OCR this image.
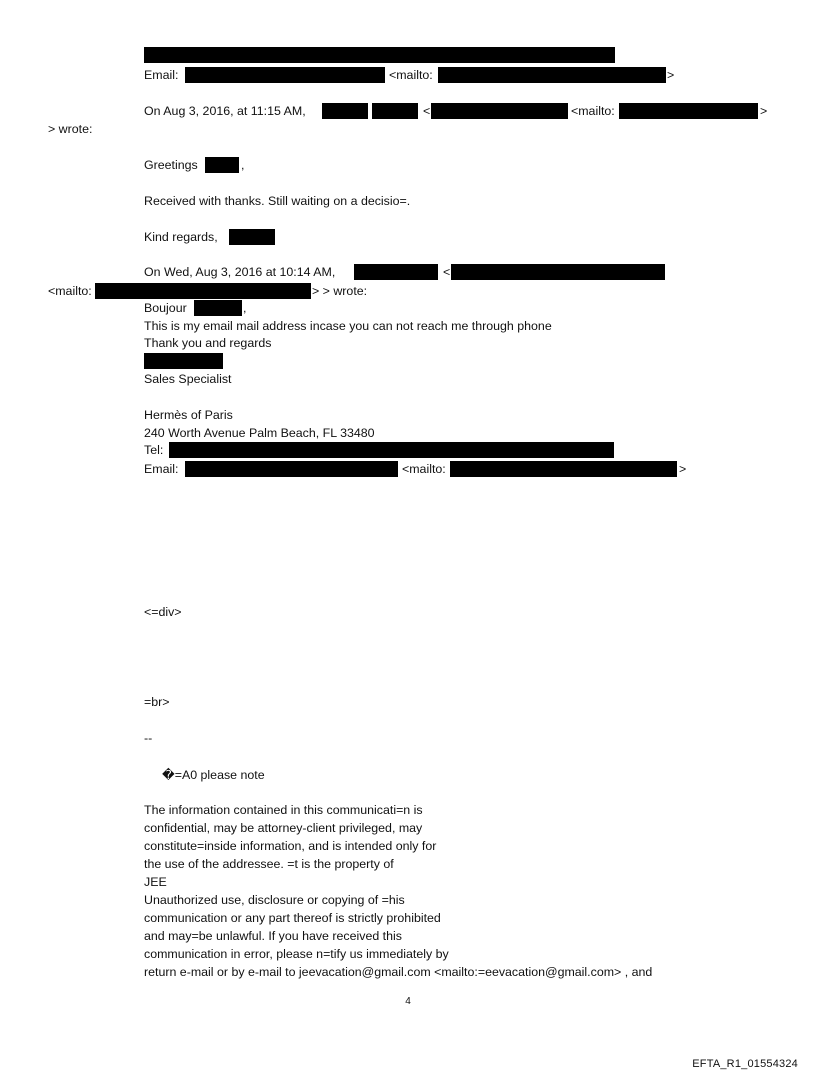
Email:	<mailto:	>
On Aug 3, 2016, at 11:15 AM,	<	<mailto:	>
> wrote:
Greetings	,
Received with thanks. Still waiting on a decisio=.
Kind regards,
On Wed, Aug 3, 2016 at 10:14 AM,	<
<mailto:	> > wrote:
Boujour	,
This is my email mail address incase you can not reach me through phone
Thank you and regards
Sales Specialist
Hermès of Paris
240 Worth Avenue Palm Beach, FL 33480
Tel:
Email:	<mailto:	>
<=div>
=br>
--
�=A0 please note
The information contained in this communicati=n is
confidential, may be attorney-client privileged, may
constitute=inside information, and is intended only for
the use of the addressee. =t is the property of
JEE
Unauthorized use, disclosure or copying of =his
communication or any part thereof is strictly prohibited
and may=be unlawful. If you have received this
communication in error, please n=tify us immediately by
return e-mail or by e-mail to jeevacation@gmail.com <mailto:=eevacation@gmail.com> , and
4
EFTA_R1_01554324
